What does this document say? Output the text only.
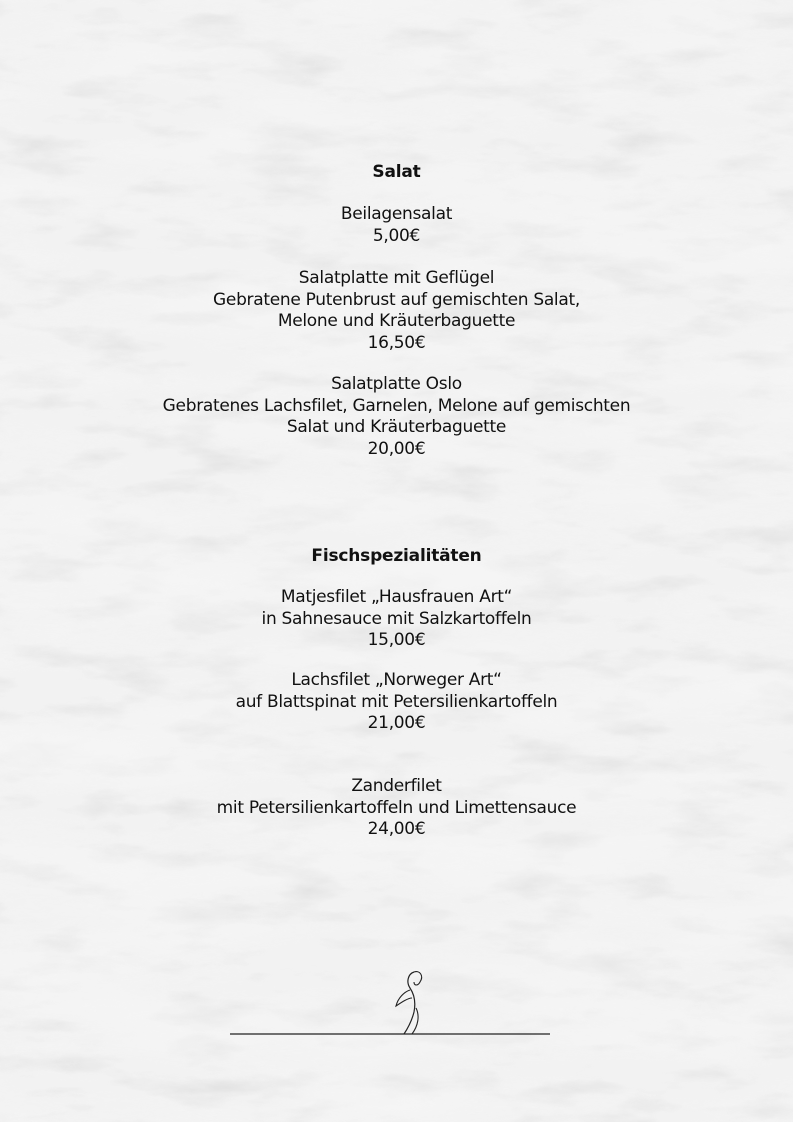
Salat
Beilagensalat
5,00€
Salatplatte mit Geflügel
Gebratene Putenbrust auf gemischten Salat,
Melone und Kräuterbaguette
16,50€
Salatplatte Oslo
Gebratenes Lachsfilet, Garnelen, Melone auf gemischten
Salat und Kräuterbaguette
20,00€
Fischspezialitäten
Matjesfilet „Hausfrauen Art“
in Sahnesauce mit Salzkartoffeln
15,00€
Lachsfilet „Norweger Art“
auf Blattspinat mit Petersilienkartoffeln
21,00€
Zanderfilet
mit Petersilienkartoffeln und Limettensauce
24,00€
